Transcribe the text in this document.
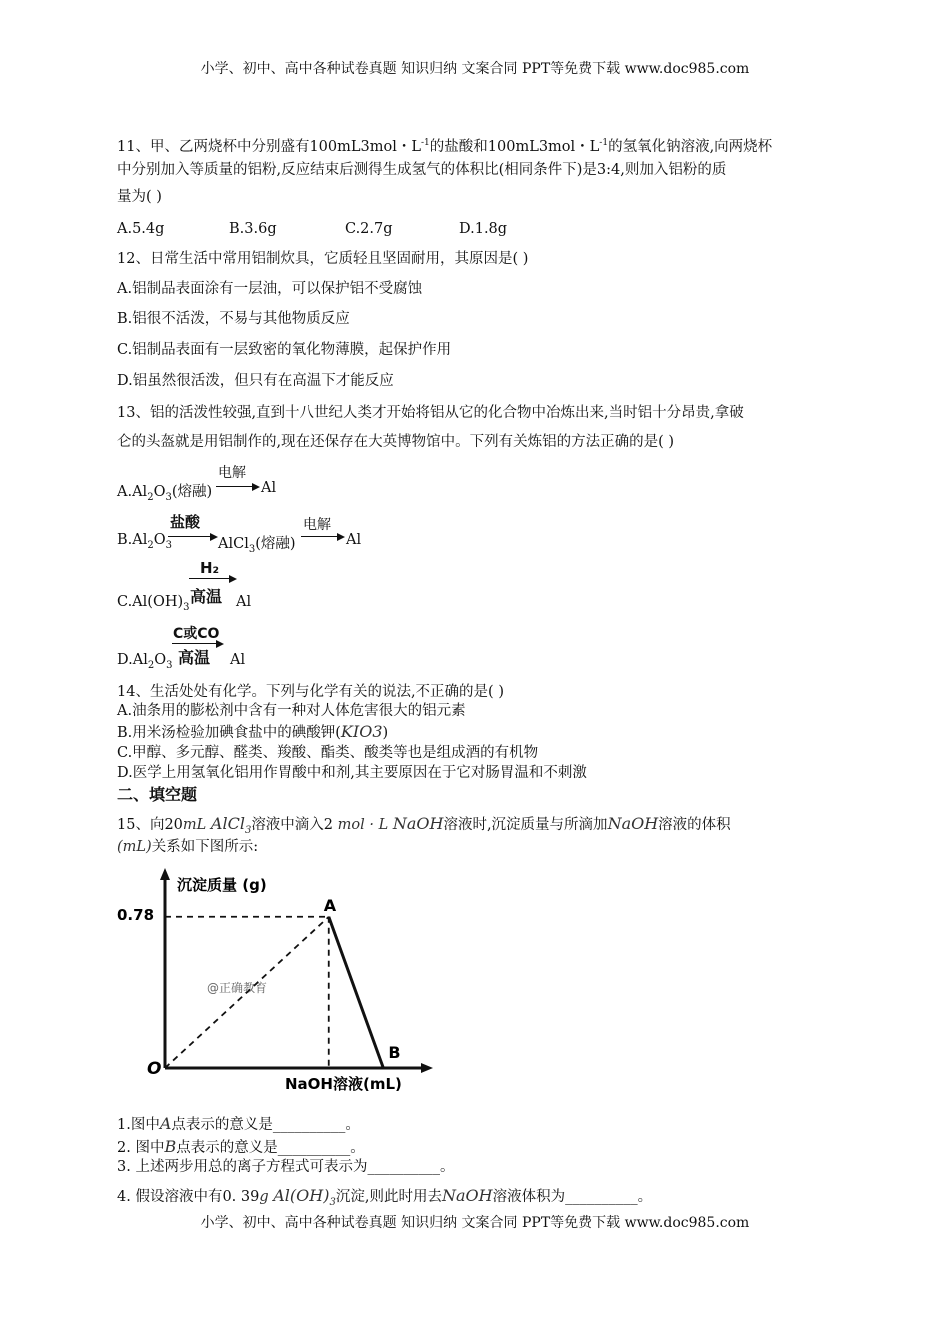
小学、初中、高中各种试卷真题 知识归纳 文案合同 PPT等免费下载 www.doc985.com
11、甲、乙两烧杯中分别盛有100mL3mol・$L^{-1}$的盐酸和100mL3mol・$L^{-1}$的氢氧化钠溶液,向两烧杯
中分别加入等质量的铝粉,反应结束后测得生成氢气的体积比(相同条件下)是3:4,则加入铝粉的质
量为( )
A.5.4g	B.3.6g	C.2.7g	D.1.8g
12、日常生活中常用铝制炊具，它质轻且坚固耐用，其原因是( )
A.铝制品表面涂有一层油，可以保护铝不受腐蚀
B.铝很不活泼，不易与其他物质反应
C.铝制品表面有一层致密的氧化物薄膜，起保护作用
D.铝虽然很活泼，但只有在高温下才能反应
13、铝的活泼性较强,直到十八世纪人类才开始将铝从它的化合物中冶炼出来,当时铝十分昂贵,拿破
仑的头盔就是用铝制作的,现在还保存在大英博物馆中。下列有关炼铝的方法正确的是( )
$A.Al_2O_3$(熔融)
电解
Al
$B.Al_2O_3$
盐酸
AlCl$_3$(熔融)
电解
Al
$C.Al(OH)_3$
H₂
高温 Al
$D.Al_2O_3$
C或CO
高温 Al
14、生活处处有化学。下列与化学有关的说法,不正确的是( )
A.油条用的膨松剂中含有一种对人体危害很大的铝元素
B.用米汤检验加碘食盐中的碘酸钾(KIO3)
C.甲醇、多元醇、醛类、羧酸、酯类、酸类等也是组成酒的有机物
D.医学上用氢氧化铝用作胃酸中和剂,其主要原因在于它对肠胃温和不刺激
二、填空题
15、向20mL AlCl$_3$溶液中滴入2 mol · L NaOH溶液时,沉淀质量与所滴加NaOH溶液的体积
(mL)关系如下图所示:
沉淀质量 (g)
NaOH溶液(mL)
O
0.78
@正确教育
A
B
1.图中A点表示的意义是__________。
2. 图中B点表示的意义是__________。
3. 上述两步用总的离子方程式可表示为__________。
4. 假设溶液中有0. 39g $Al(OH)_3$沉淀,则此时用去NaOH溶液体积为__________。
小学、初中、高中各种试卷真题 知识归纳 文案合同 PPT等免费下载 www.doc985.com
